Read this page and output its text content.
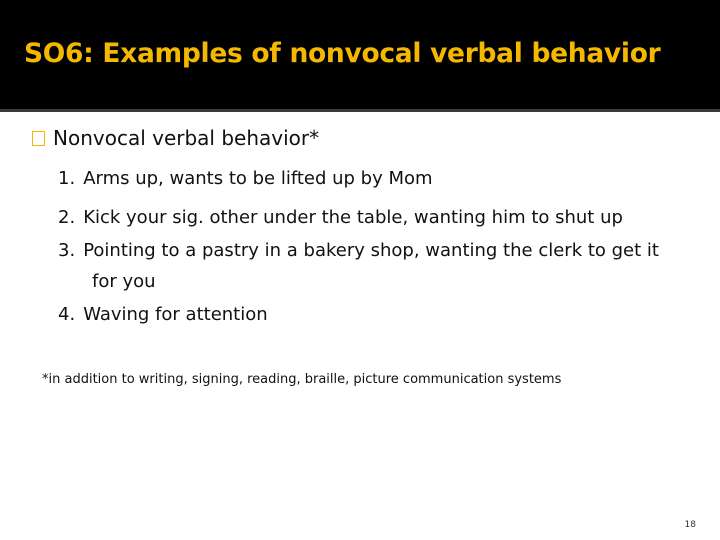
SO6: Examples of nonvocal verbal behavior
Nonvocal verbal behavior*
1. Arms up, wants to be lifted up by Mom
2. Kick your sig. other under the table, wanting him to shut up
3. Pointing to a pastry in a bakery shop, wanting the clerk to get it
for you
4. Waving for attention
*in addition to writing, signing, reading, braille, picture communication systems
18
